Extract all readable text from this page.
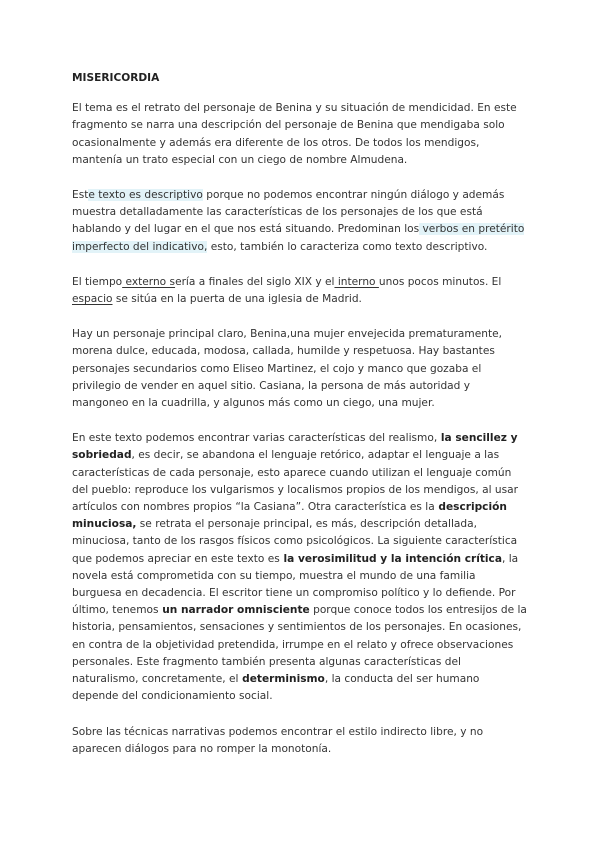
MISERICORDIA

El tema es el retrato del personaje de Benina y su situación de mendicidad. En este fragmento se narra una descripción del personaje de Benina que mendigaba solo ocasionalmente y además era diferente de los otros. De todos los mendigos, mantenía un trato especial con un ciego de nombre Almudena.

Este texto es descriptivo porque no podemos encontrar ningún diálogo y además muestra detalladamente las características de los personajes de los que está hablando y del lugar en el que nos está situando. Predominan los verbos en pretérito imperfecto del indicativo, esto, también lo caracteriza como texto descriptivo.

El tiempo externo sería a finales del siglo XIX y el interno unos pocos minutos. El espacio se sitúa en la puerta de una iglesia de Madrid.

Hay un personaje principal claro, Benina,una mujer envejecida prematuramente, morena dulce, educada, modosa, callada, humilde y respetuosa. Hay bastantes personajes secundarios como Eliseo Martinez, el cojo y manco que gozaba el privilegio de vender en aquel sitio. Casiana, la persona de más autoridad y mangoneo en la cuadrilla, y algunos más como un ciego, una mujer.

En este texto podemos encontrar varias características del realismo, la sencillez y sobriedad, es decir, se abandona el lenguaje retórico, adaptar el lenguaje a las características de cada personaje, esto aparece cuando utilizan el lenguaje común del pueblo: reproduce los vulgarismos y localismos propios de los mendigos, al usar artículos con nombres propios “la Casiana”. Otra característica es la descripción minuciosa, se retrata el personaje principal, es más, descripción detallada, minuciosa, tanto de los rasgos físicos como psicológicos. La siguiente característica que podemos apreciar en este texto es la verosimilitud y la intención crítica, la novela está comprometida con su tiempo, muestra el mundo de una familia burguesa en decadencia. El escritor tiene un compromiso político y lo defiende. Por último, tenemos un narrador omnisciente porque conoce todos los entresijos de la historia, pensamientos, sensaciones y sentimientos de los personajes. En ocasiones, en contra de la objetividad pretendida, irrumpe en el relato y ofrece observaciones personales. Este fragmento también presenta algunas características del naturalismo, concretamente, el determinismo, la conducta del ser humano depende del condicionamiento social.

Sobre las técnicas narrativas podemos encontrar el estilo indirecto libre, y no aparecen diálogos para no romper la monotonía.
